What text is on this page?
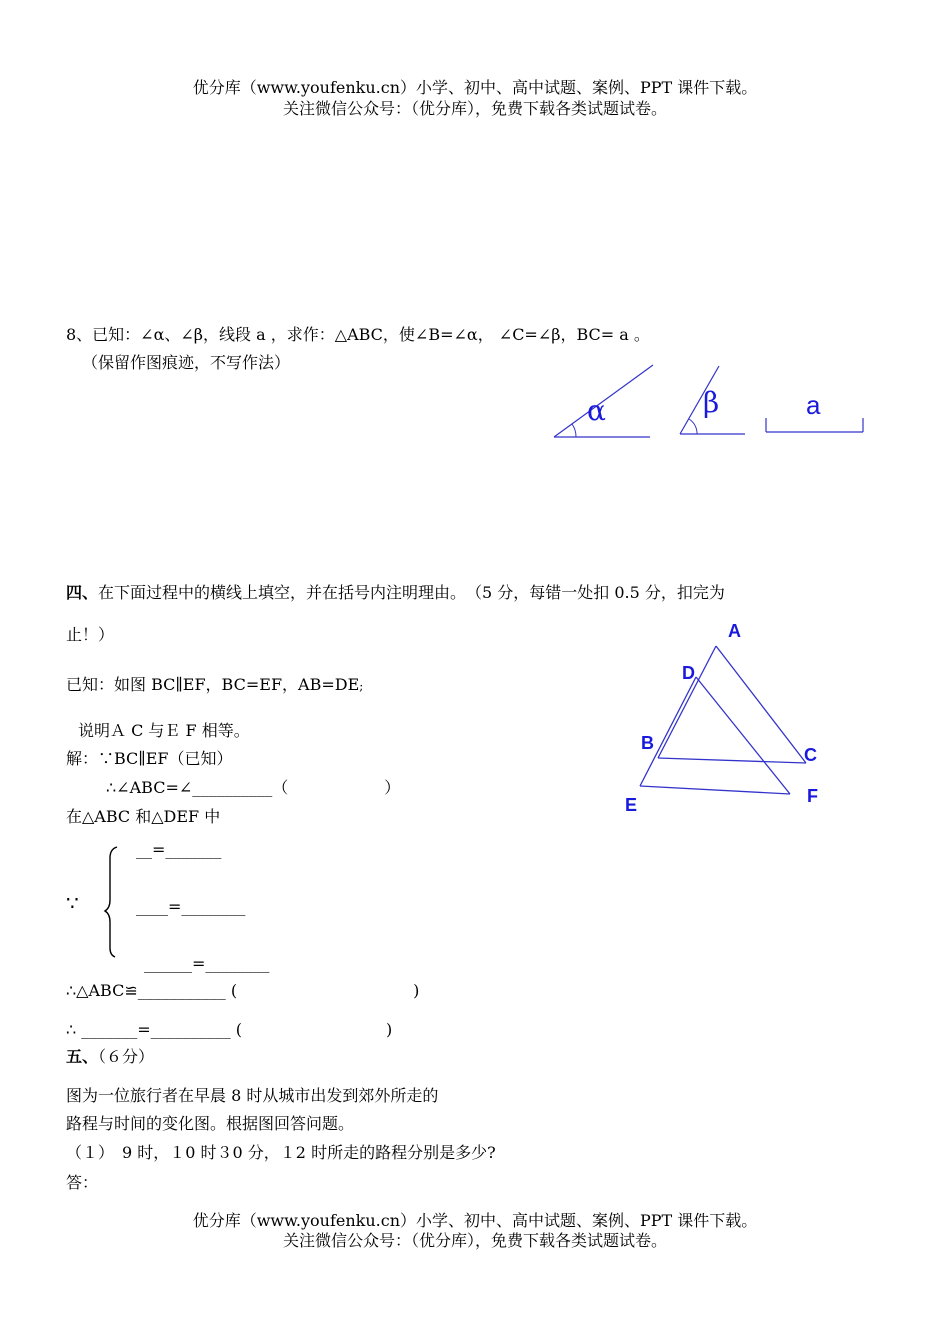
优分库（www.youfenku.cn）小学、初中、高中试题、案例、PPT 课件下载。
关注微信公众号：（优分库），免费下载各类试题试卷。
8、已知：∠α、∠β，线段 a ，求作：△ABC，使∠B=∠α， ∠C=∠β，BC= a 。
（保留作图痕迹，不写作法）
α	β	a
A
D
B
C
E	F
四、在下面过程中的横线上填空，并在括号内注明理由。　（5 分，每错一处扣 0.5 分，扣完为
止！）
已知：如图 BC∥EF，BC=EF，AB=DE;
说明Ａ C 与Ｅ F 相等。
解：∵BC∥EF（已知）
∴∠ABC=∠__________（　　　　　　）
在△ABC 和△DEF 中
__=_______
∵	____=________
______=________
∴△ABC≌___________ (　　　　　　　　　　　)
∴ _______=__________ (　　　　　　　　　)
五、（６分）
图为一位旅行者在早晨 8 时从城市出发到郊外所走的
路程与时间的变化图。根据图回答问题。
（１）　9 时，１0 时３0 分，１2 时所走的路程分别是多少?
答：
优分库（www.youfenku.cn）小学、初中、高中试题、案例、PPT 课件下载。
关注微信公众号：（优分库），免费下载各类试题试卷。
